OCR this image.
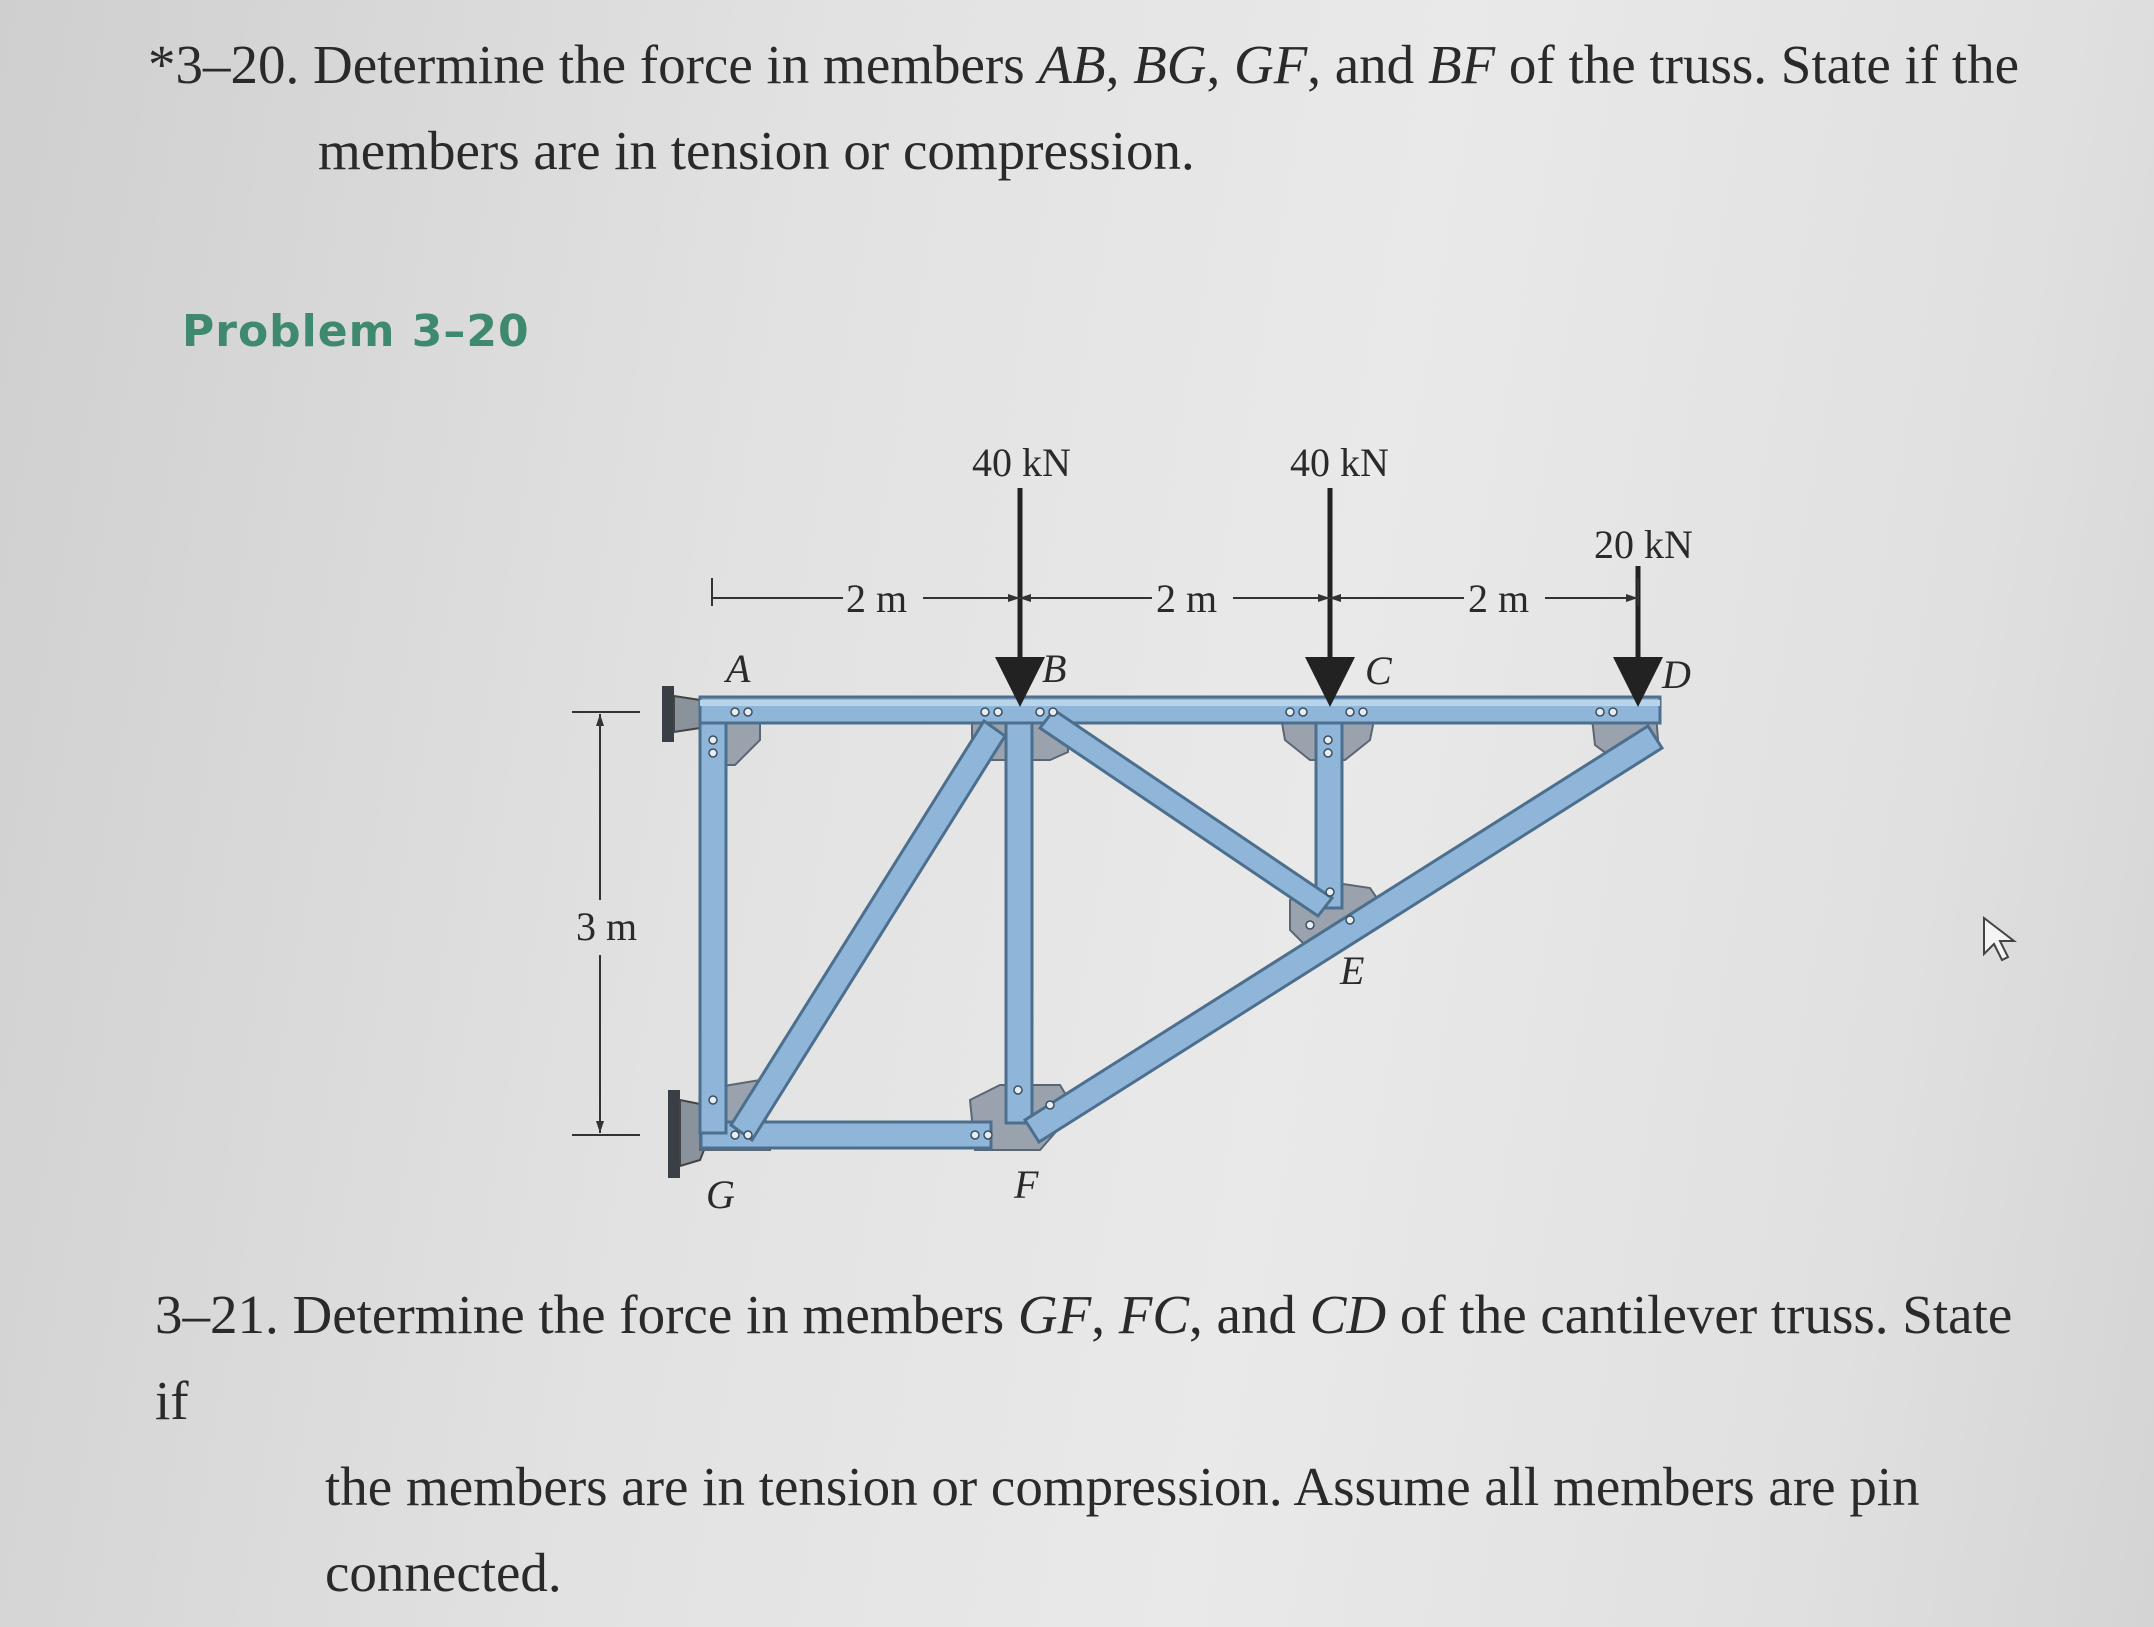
*3–20. Determine the force in members AB, BG, GF, and BF of the truss. State if the
members are in tension or compression.
Problem 3–20
40 kN	40 kN
20 kN
2 m	2 m	2 m
3 m
A	B	C	D
E
F
G
3–21. Determine the force in members GF, FC, and CD of the cantilever truss. State if
the members are in tension or compression. Assume all members are pin
connected.
